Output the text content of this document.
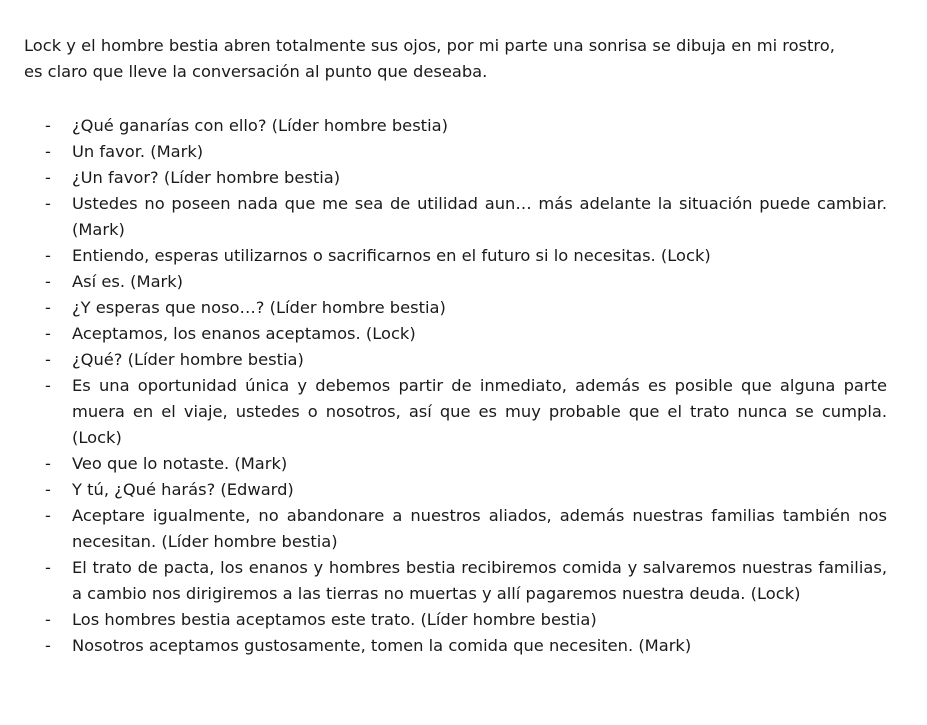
Lock y el hombre bestia abren totalmente sus ojos, por mi parte una sonrisa se dibuja en mi rostro,
es claro que lleve la conversación al punto que deseaba.

- ¿Qué ganarías con ello? (Líder hombre bestia)
- Un favor. (Mark)
- ¿Un favor? (Líder hombre bestia)
- Ustedes no poseen nada que me sea de utilidad aun… más adelante la situación puede cambiar. (Mark)
- Entiendo, esperas utilizarnos o sacrificarnos en el futuro si lo necesitas. (Lock)
- Así es. (Mark)
- ¿Y esperas que noso…? (Líder hombre bestia)
- Aceptamos, los enanos aceptamos. (Lock)
- ¿Qué? (Líder hombre bestia)
- Es una oportunidad única y debemos partir de inmediato, además es posible que alguna parte muera en el viaje, ustedes o nosotros, así que es muy probable que el trato nunca se cumpla. (Lock)
- Veo que lo notaste. (Mark)
- Y tú, ¿Qué harás? (Edward)
- Aceptare igualmente, no abandonare a nuestros aliados, además nuestras familias también nos necesitan. (Líder hombre bestia)
- El trato de pacta, los enanos y hombres bestia recibiremos comida y salvaremos nuestras familias, a cambio nos dirigiremos a las tierras no muertas y allí pagaremos nuestra deuda. (Lock)
- Los hombres bestia aceptamos este trato. (Líder hombre bestia)
- Nosotros aceptamos gustosamente, tomen la comida que necesiten. (Mark)
